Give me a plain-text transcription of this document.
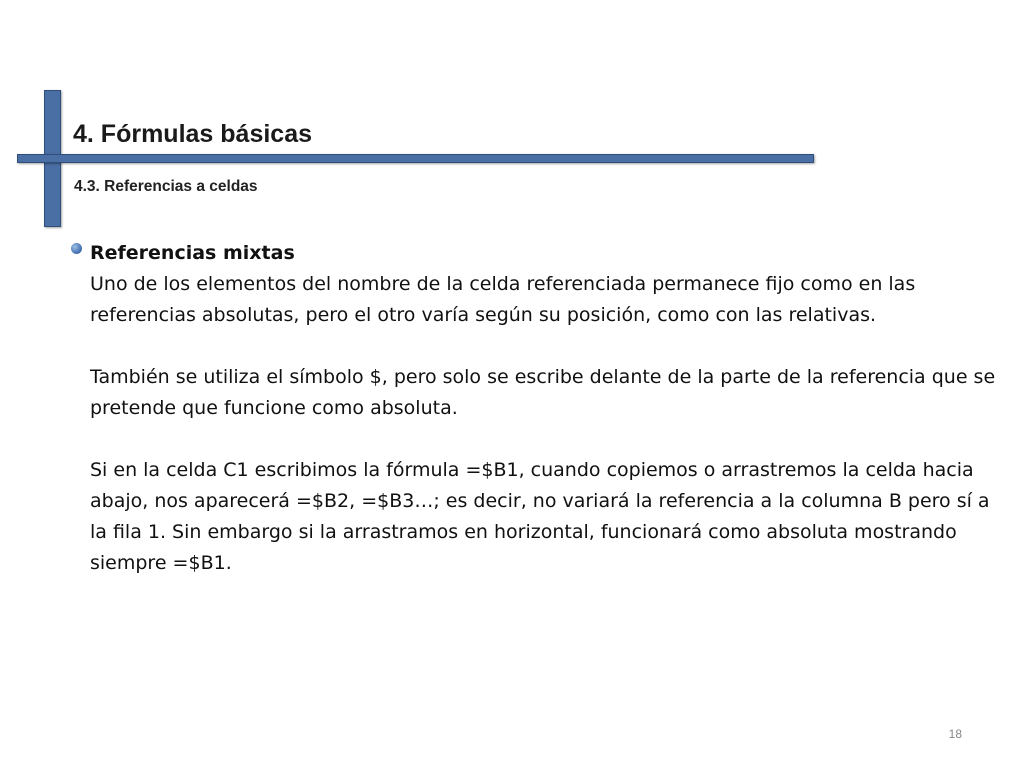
4. Fórmulas básicas
4.3. Referencias a celdas

Referencias mixtas

Uno de los elementos del nombre de la celda referenciada permanece fijo como en las referencias absolutas, pero el otro varía según su posición, como con las relativas.

También se utiliza el símbolo $, pero solo se escribe delante de la parte de la referencia que se pretende que funcione como absoluta.

Si en la celda C1 escribimos la fórmula =$B1, cuando copiemos o arrastremos la celda hacia abajo, nos aparecerá =$B2, =$B3…; es decir, no variará la referencia a la columna B pero sí a la fila 1. Sin embargo si la arrastramos en horizontal, funcionará como absoluta mostrando siempre =$B1.

18
